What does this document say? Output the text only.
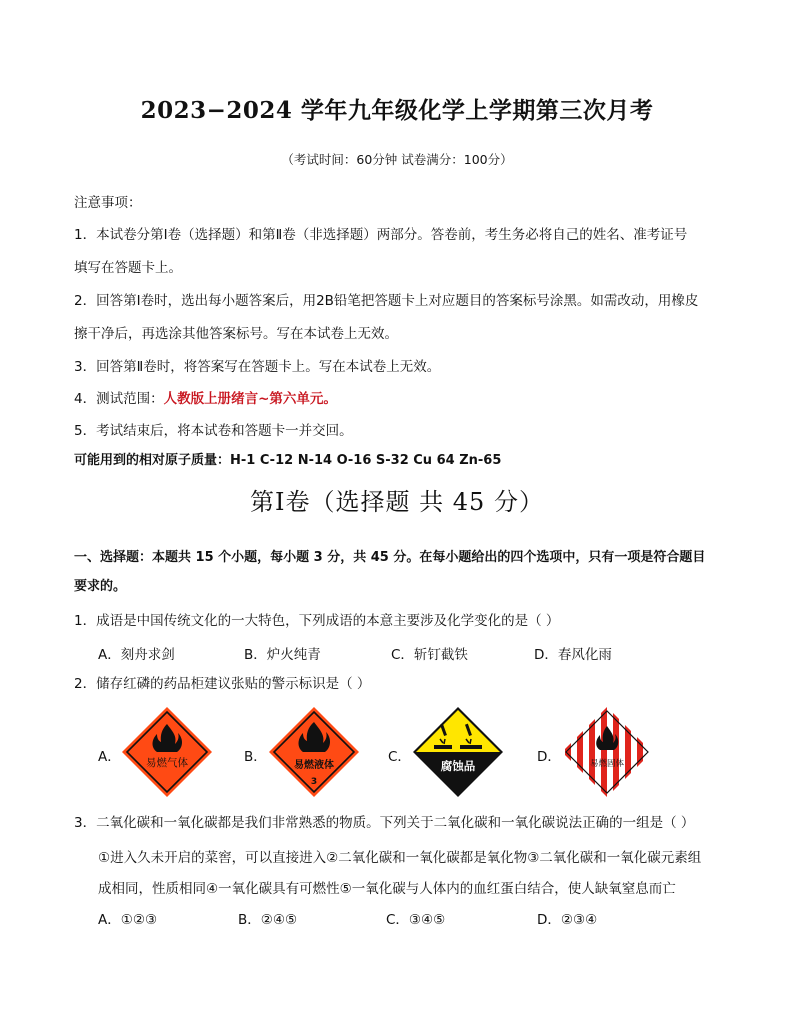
2023−2024 学年九年级化学上学期第三次月考
（考试时间：60分钟 试卷满分：100分）
注意事项：
1．本试卷分第Ⅰ卷（选择题）和第Ⅱ卷（非选择题）两部分。答卷前，考生务必将自己的姓名、准考证号
填写在答题卡上。
2．回答第Ⅰ卷时，选出每小题答案后，用2B铅笔把答题卡上对应题目的答案标号涂黑。如需改动，用橡皮
擦干净后，再选涂其他答案标号。写在本试卷上无效。
3．回答第Ⅱ卷时，将答案写在答题卡上。写在本试卷上无效。
4．测试范围：人教版上册绪言~第六单元。
5．考试结束后，将本试卷和答题卡一并交回。
可能用到的相对原子质量：H-1 C-12 N-14 O-16 S-32 Cu 64 Zn-65
第Ⅰ卷（选择题 共 45 分）
一、选择题：本题共 15 个小题，每小题 3 分，共 45 分。在每小题给出的四个选项中，只有一项是符合题目
要求的。
1．成语是中国传统文化的一大特色，下列成语的本意主要涉及化学变化的是（ ）
A．刻舟求剑	B．炉火纯青	C．斩钉截铁	D．春风化雨
2．储存红磷的药品柜建议张贴的警示标识是（ ）
A．	B．	C．	D．
易燃气体	易燃液体
3
腐蚀品	易燃固体
3．二氧化碳和一氧化碳都是我们非常熟悉的物质。下列关于二氧化碳和一氧化碳说法正确的一组是（ ）
①进入久未开启的菜窖，可以直接进入②二氧化碳和一氧化碳都是氧化物③二氧化碳和一氧化碳元素组
成相同，性质相同④一氧化碳具有可燃性⑤一氧化碳与人体内的血红蛋白结合，使人缺氧窒息而亡
A．①②③	B．②④⑤	C．③④⑤	D．②③④
